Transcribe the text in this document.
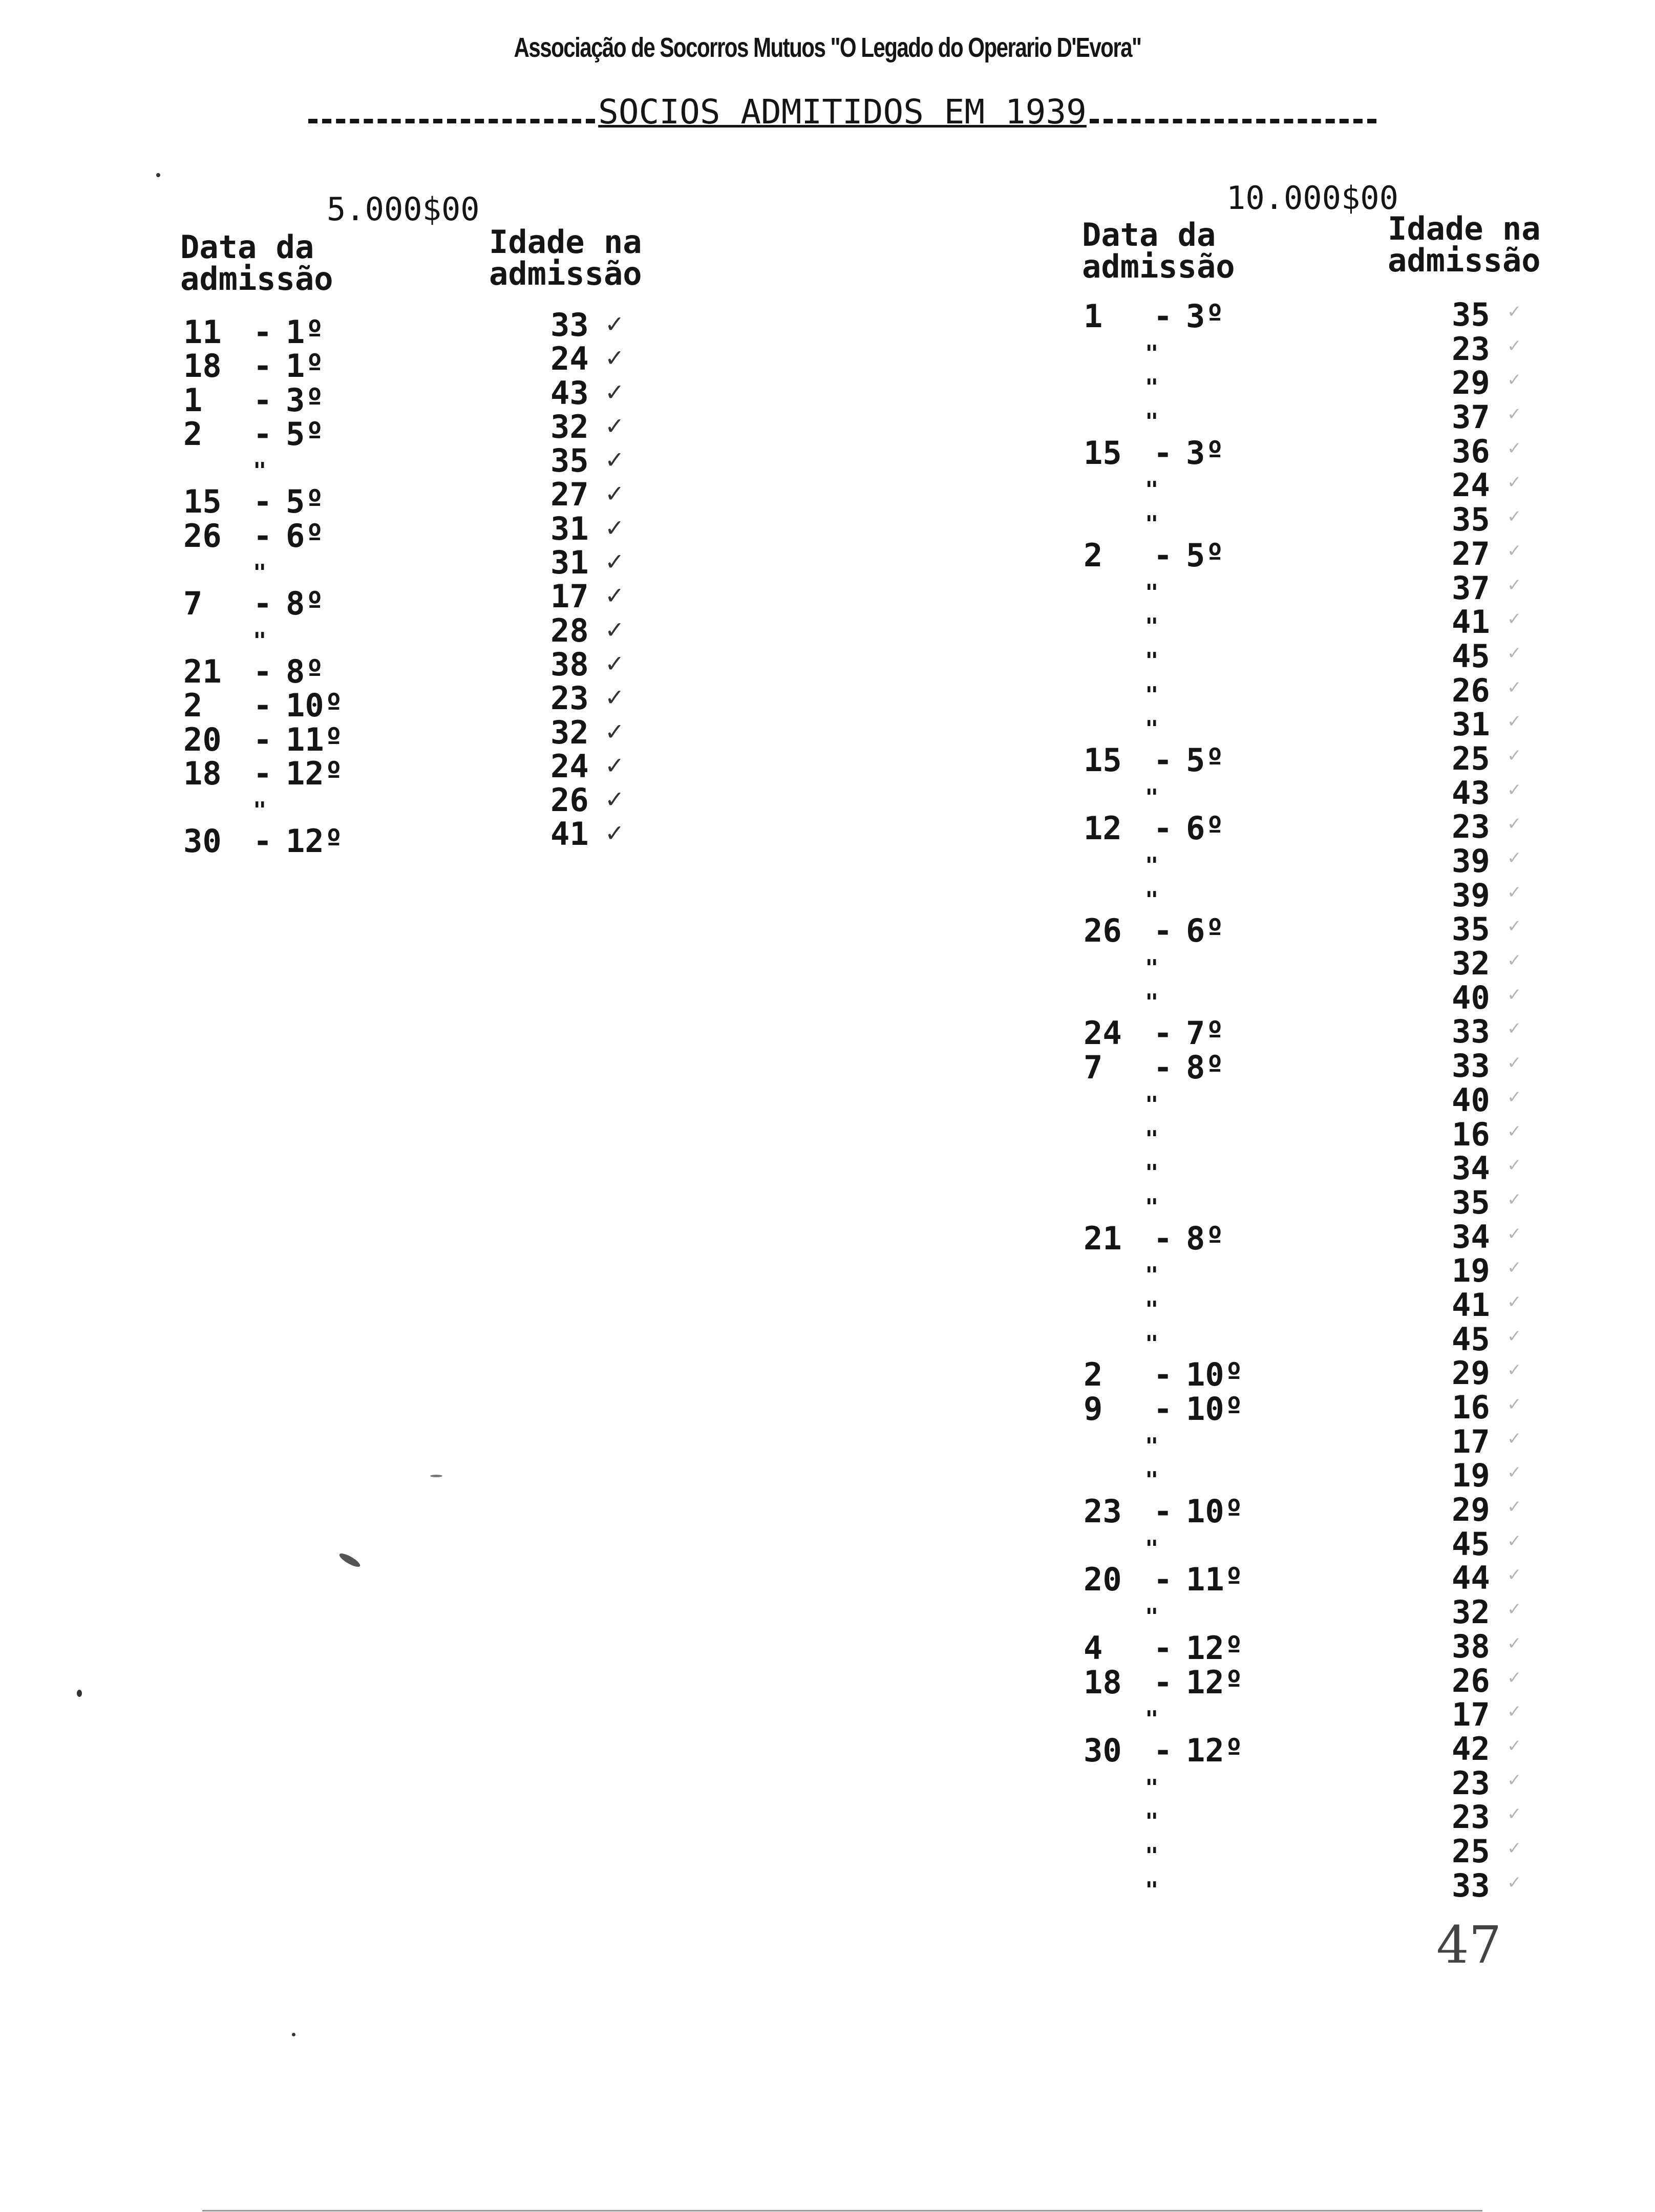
Associação de Socorros Mutuos "O Legado do Operario D'Evora"
SOCIOS ADMITIDOS EM 1939
5.000$00
Data da
admissão
Idade na
admissão
11 - 1º
18 - 1º
1 - 3º
2 - 5º
"
15 - 5º
26 - 6º
"
7 - 8º
"
21 - 8º
2 - 10º
20 - 11º
18 - 12º
"
30 - 12º
33 ✓
24 ✓
43 ✓
32 ✓
35 ✓
27 ✓
31 ✓
31 ✓
17 ✓
28 ✓
38 ✓
23 ✓
32 ✓
24 ✓
26 ✓
41 ✓
10.000$00
Data da
admissão
Idade na
admissão
1 - 3º
"
"
"
15 - 3º
"
"
2 - 5º
"
"
"
"
"
15 - 5º
"
12 - 6º
"
"
26 - 6º
"
"
24 - 7º
7 - 8º
"
"
"
"
21 - 8º
"
"
"
2 - 10º
9 - 10º
"
"
23 - 10º
"
20 - 11º
"
4 - 12º
18 - 12º
"
30 - 12º
"
"
"
"
35 ✓
23 ✓
29 ✓
37 ✓
36 ✓
24 ✓
35 ✓
27 ✓
37 ✓
41 ✓
45 ✓
26 ✓
31 ✓
25 ✓
43 ✓
23 ✓
39 ✓
39 ✓
35 ✓
32 ✓
40 ✓
33 ✓
33 ✓
40 ✓
16 ✓
34 ✓
35 ✓
34 ✓
19 ✓
41 ✓
45 ✓
29 ✓
16 ✓
17 ✓
19 ✓
29 ✓
45 ✓
44 ✓
32 ✓
38 ✓
26 ✓
17 ✓
42 ✓
23 ✓
23 ✓
25 ✓
33 ✓
47
